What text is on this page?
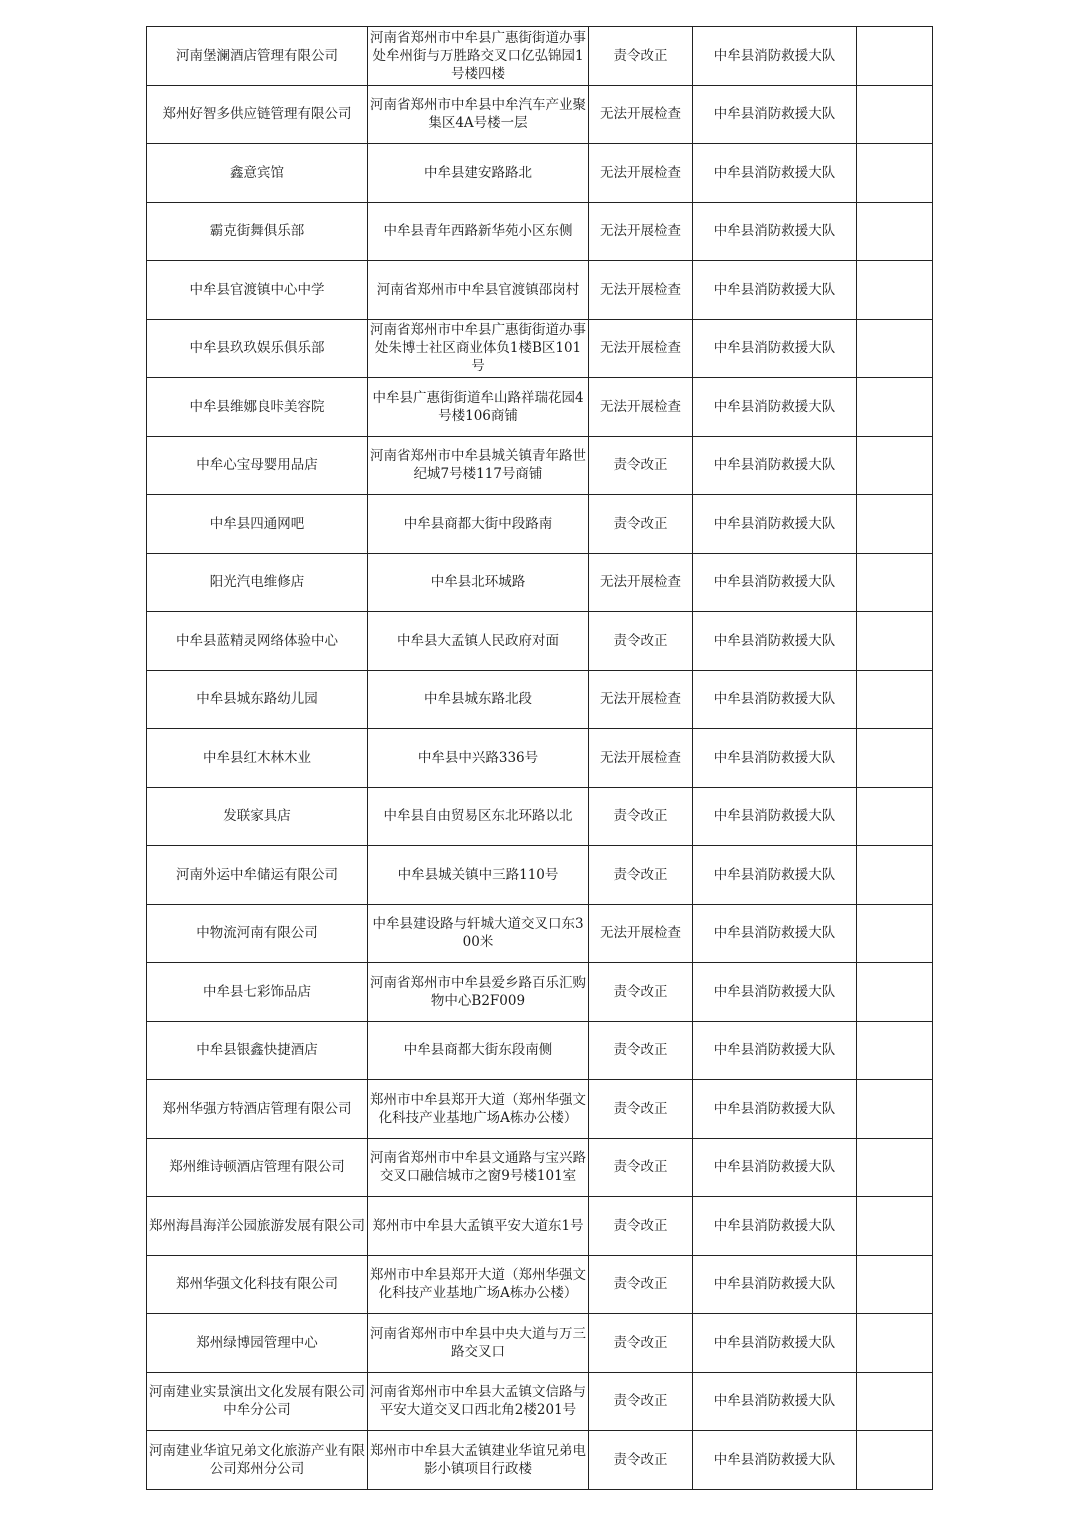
河南堡澜酒店管理有限公司	河南省郑州市中牟县广惠街街道办事处牟州街与万胜路交叉口亿弘锦园1号楼四楼	责令改正	中牟县消防救援大队	
郑州好智多供应链管理有限公司	河南省郑州市中牟县中牟汽车产业聚集区4A号楼一层	无法开展检查	中牟县消防救援大队	
鑫意宾馆	中牟县建安路路北	无法开展检查	中牟县消防救援大队	
霸克街舞俱乐部	中牟县青年西路新华苑小区东侧	无法开展检查	中牟县消防救援大队	
中牟县官渡镇中心中学	河南省郑州市中牟县官渡镇邵岗村	无法开展检查	中牟县消防救援大队	
中牟县玖玖娱乐俱乐部	河南省郑州市中牟县广惠街街道办事处朱博士社区商业体负1楼B区101号	无法开展检查	中牟县消防救援大队	
中牟县维娜良咔美容院	中牟县广惠街街道牟山路祥瑞花园4号楼106商铺	无法开展检查	中牟县消防救援大队	
中牟心宝母婴用品店	河南省郑州市中牟县城关镇青年路世纪城7号楼117号商铺	责令改正	中牟县消防救援大队	
中牟县四通网吧	中牟县商都大街中段路南	责令改正	中牟县消防救援大队	
阳光汽电维修店	中牟县北环城路	无法开展检查	中牟县消防救援大队	
中牟县蓝精灵网络体验中心	中牟县大孟镇人民政府对面	责令改正	中牟县消防救援大队	
中牟县城东路幼儿园	中牟县城东路北段	无法开展检查	中牟县消防救援大队	
中牟县红木林木业	中牟县中兴路336号	无法开展检查	中牟县消防救援大队	
发联家具店	中牟县自由贸易区东北环路以北	责令改正	中牟县消防救援大队	
河南外运中牟储运有限公司	中牟县城关镇中三路110号	责令改正	中牟县消防救援大队	
中物流河南有限公司	中牟县建设路与轩城大道交叉口东300米	无法开展检查	中牟县消防救援大队	
中牟县七彩饰品店	河南省郑州市中牟县爱乡路百乐汇购物中心B2F009	责令改正	中牟县消防救援大队	
中牟县银鑫快捷酒店	中牟县商都大街东段南侧	责令改正	中牟县消防救援大队	
郑州华强方特酒店管理有限公司	郑州市中牟县郑开大道（郑州华强文化科技产业基地广场A栋办公楼）	责令改正	中牟县消防救援大队	
郑州维诗顿酒店管理有限公司	河南省郑州市中牟县文通路与宝兴路交叉口融信城市之窗9号楼101室	责令改正	中牟县消防救援大队	
郑州海昌海洋公园旅游发展有限公司	郑州市中牟县大孟镇平安大道东1号	责令改正	中牟县消防救援大队	
郑州华强文化科技有限公司	郑州市中牟县郑开大道（郑州华强文化科技产业基地广场A栋办公楼）	责令改正	中牟县消防救援大队	
郑州绿博园管理中心	河南省郑州市中牟县中央大道与万三路交叉口	责令改正	中牟县消防救援大队	
河南建业实景演出文化发展有限公司中牟分公司	河南省郑州市中牟县大孟镇文信路与平安大道交叉口西北角2楼201号	责令改正	中牟县消防救援大队	
河南建业华谊兄弟文化旅游产业有限公司郑州分公司	郑州市中牟县大孟镇建业华谊兄弟电影小镇项目行政楼	责令改正	中牟县消防救援大队	
